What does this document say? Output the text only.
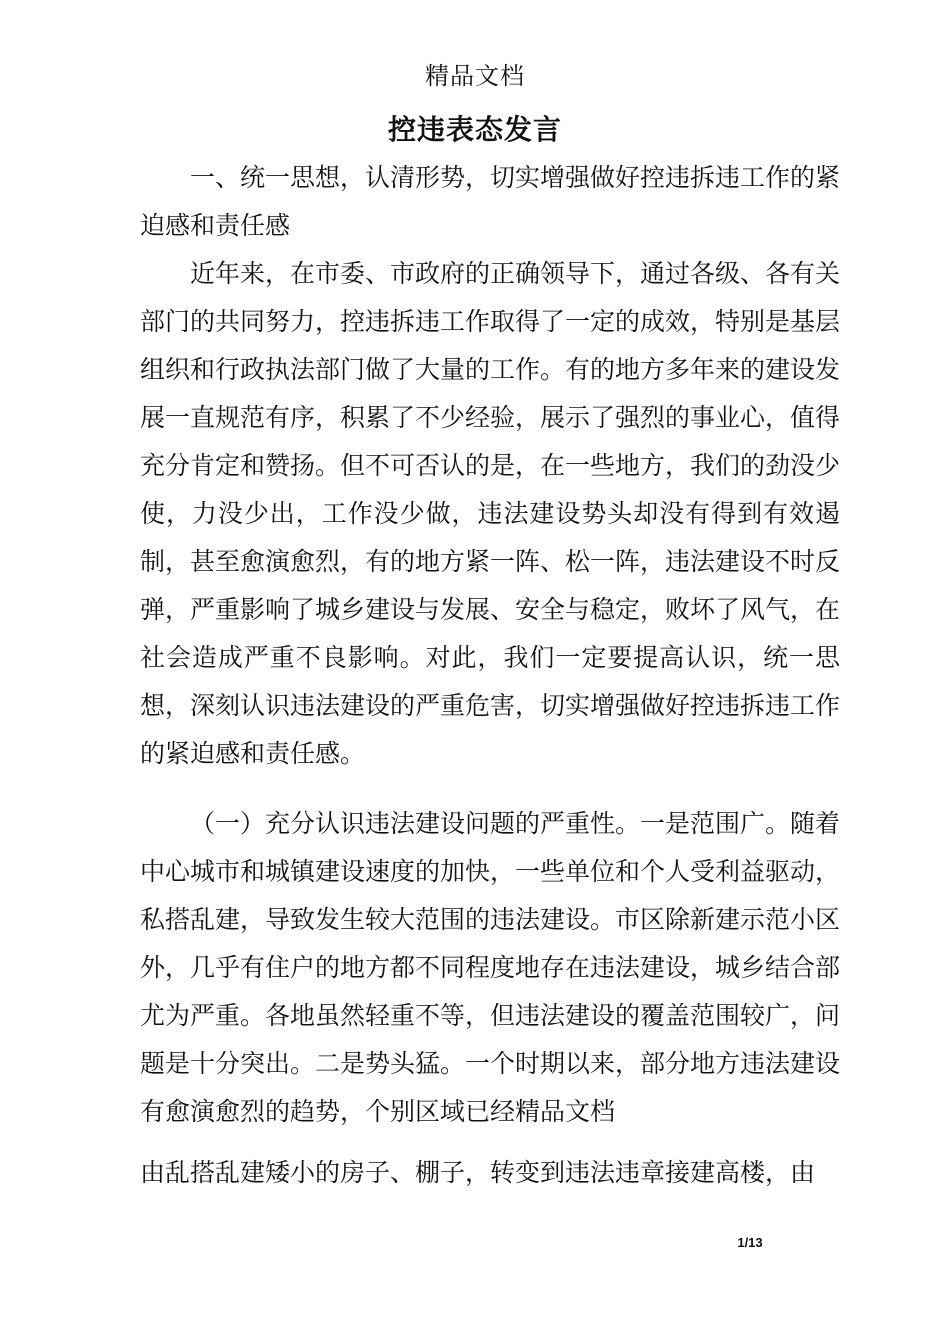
精品文档
控违表态发言

一、统一思想，认清形势，切实增强做好控违拆违工作的紧迫感和责任感

近年来，在市委、市政府的正确领导下，通过各级、各有关部门的共同努力，控违拆违工作取得了一定的成效，特别是基层组织和行政执法部门做了大量的工作。有的地方多年来的建设发展一直规范有序，积累了不少经验，展示了强烈的事业心，值得充分肯定和赞扬。但不可否认的是，在一些地方，我们的劲没少使，力没少出，工作没少做，违法建设势头却没有得到有效遏制，甚至愈演愈烈，有的地方紧一阵、松一阵，违法建设不时反弹，严重影响了城乡建设与发展、安全与稳定，败坏了风气，在社会造成严重不良影响。对此，我们一定要提高认识，统一思想，深刻认识违法建设的严重危害，切实增强做好控违拆违工作的紧迫感和责任感。

（一）充分认识违法建设问题的严重性。一是范围广。随着中心城市和城镇建设速度的加快，一些单位和个人受利益驱动，私搭乱建，导致发生较大范围的违法建设。市区除新建示范小区外，几乎有住户的地方都不同程度地存在违法建设，城乡结合部尤为严重。各地虽然轻重不等，但违法建设的覆盖范围较广，问题是十分突出。二是势头猛。一个时期以来，部分地方违法建设有愈演愈烈的趋势，个别区域已经精品文档

由乱搭乱建矮小的房子、棚子，转变到违法违章接建高楼，由

1/13
